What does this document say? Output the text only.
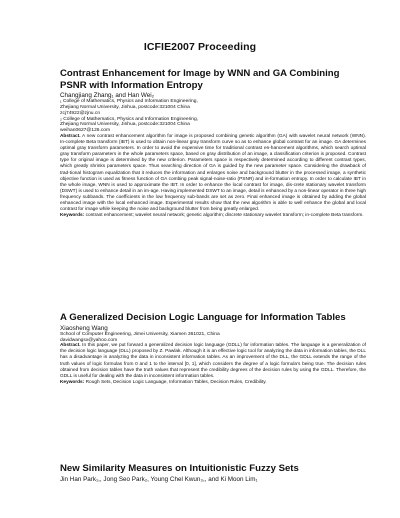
ICFIE2007 Proceeding

Contrast Enhancement for Image by WNN and GA Combining PSNR with Information Entropy

Changjiang Zhang₁ and Han Wei₂

₁ College of Mathematics, Physics and Information Engineering,

Zhejiang Normal University, Jinhua, postcode:321004 China

zcj74922@zjnu.cn

₂ College of Mathematics, Physics and Information Engineering,

Zhejiang Normal University, Jinhua, postcode:321004 China

weihan0627@126.com

Abstract. A new contrast enhancement algorithm for image is proposed combining genetic algorithm (GA) with wavelet neural network (WNN). In-complete Beta transform (IBT) is used to obtain non-linear gray transform curve so as to enhance global contrast for an image. GA determines optimal gray transform parameters. In order to avoid the expensive time for traditional contrast en-hancement algorithms, which search optimal gray transform parameters in the whole parameters space, based on gray distribution of an image, a classification criterion is proposed. Contrast type for original image is determined by the new criterion. Parameters space is respectively determined according to different contrast types, which greatly shrinks parameters space. Thus searching direction of GA is guided by the new parameter space. Considering the drawback of trad-tional histogram equalization that it reduces the information and enlarges noise and background blutter in the processed image, a synthetic objective function is used as fitness function of GA combing peak signal-noise-ratio (PSNR) and in-formation entropy. In order to calculate IBT in the whole image, WNN is used to approximate the IBT. In order to enhance the local contrast for image, dis-crete stationary wavelet transform (DSWT) is used to enhance detail in an im-age. Having implemented DSWT to an image, detail is enhanced by a non-linear operator in three high frequency subbands. The coefficients in the low frequency sub-bands are set as zero. Final enhanced image is obtained by adding the global enhanced image with the local enhanced image. Experimental results show that the new algorithm is able to well enhance the global and local contrast for image while keeping the noise and background blutter from being greatly enlarged.

Keywords: contrast enhancement; wavelet neural network; genetic algorithm; discrete stationary wavelet transform; in-complete Beta transform.

A Generalized Decision Logic Language for Information Tables

Xiaosheng Wang

School of Computer Engineering, Jimei University, Xiamen 361021, China

davidwangsx@yahoo.com

Abstract. In this paper, we put forward a generalized decision logic language (GDLL) for information tables. The language is a generalization of the decision logic language (DLL) proposed by Z. Pawlak. Although it is an effective logic tool for analyzing the data in information tables, the DLL has a disadvantage in analyzing the data in inconsistent information tables. As an improvement of the DLL, the GDLL extends the range of the truth values of logic formulas from 0 and 1 to the interval [0, 1], which considers the degree of a logic formula's being true. The decision rules obtained from decision tables have the truth values that represent the credibility degrees of the decision rules by using the GDLL. Therefore, the GDLL is useful for dealing with the data in inconsistent information tables.

Keywords: Rough Sets, Decision Logic Language, Information Tables, Decision Rules, Credibility.

New Similarity Measures on Intuitionistic Fuzzy Sets

Jin Han Park₁,, Jong Seo Park₂, Young Chel Kwun₃,, and Ki Moon Lim₁
